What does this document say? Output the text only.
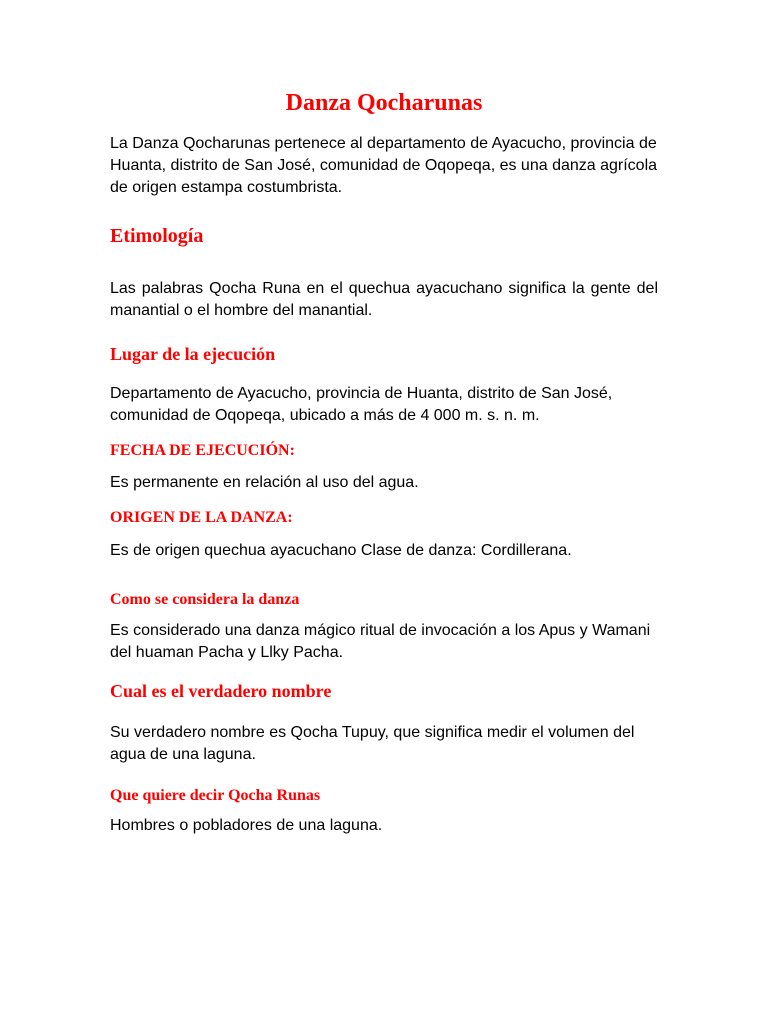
Danza Qocharunas

La Danza Qocharunas pertenece al departamento de Ayacucho, provincia de Huanta, distrito de San José, comunidad de Oqopeqa, es una danza agrícola de origen estampa costumbrista.

Etimología

Las palabras Qocha Runa en el quechua ayacuchano significa la gente del manantial o el hombre del manantial.

Lugar de la ejecución

Departamento de Ayacucho, provincia de Huanta, distrito de San José, comunidad de Oqopeqa, ubicado a más de 4 000 m. s. n. m.

FECHA DE EJECUCIÓN:

Es permanente en relación al uso del agua.

ORIGEN DE LA DANZA:

Es de origen quechua ayacuchano Clase de danza: Cordillerana.

Como se considera la danza

Es considerado una danza mágico ritual de invocación a los Apus y Wamani del huaman Pacha y Llky Pacha.

Cual es el verdadero nombre

Su verdadero nombre es Qocha Tupuy, que significa medir el volumen del agua de una laguna.

Que quiere decir Qocha Runas

Hombres o pobladores de una laguna.
